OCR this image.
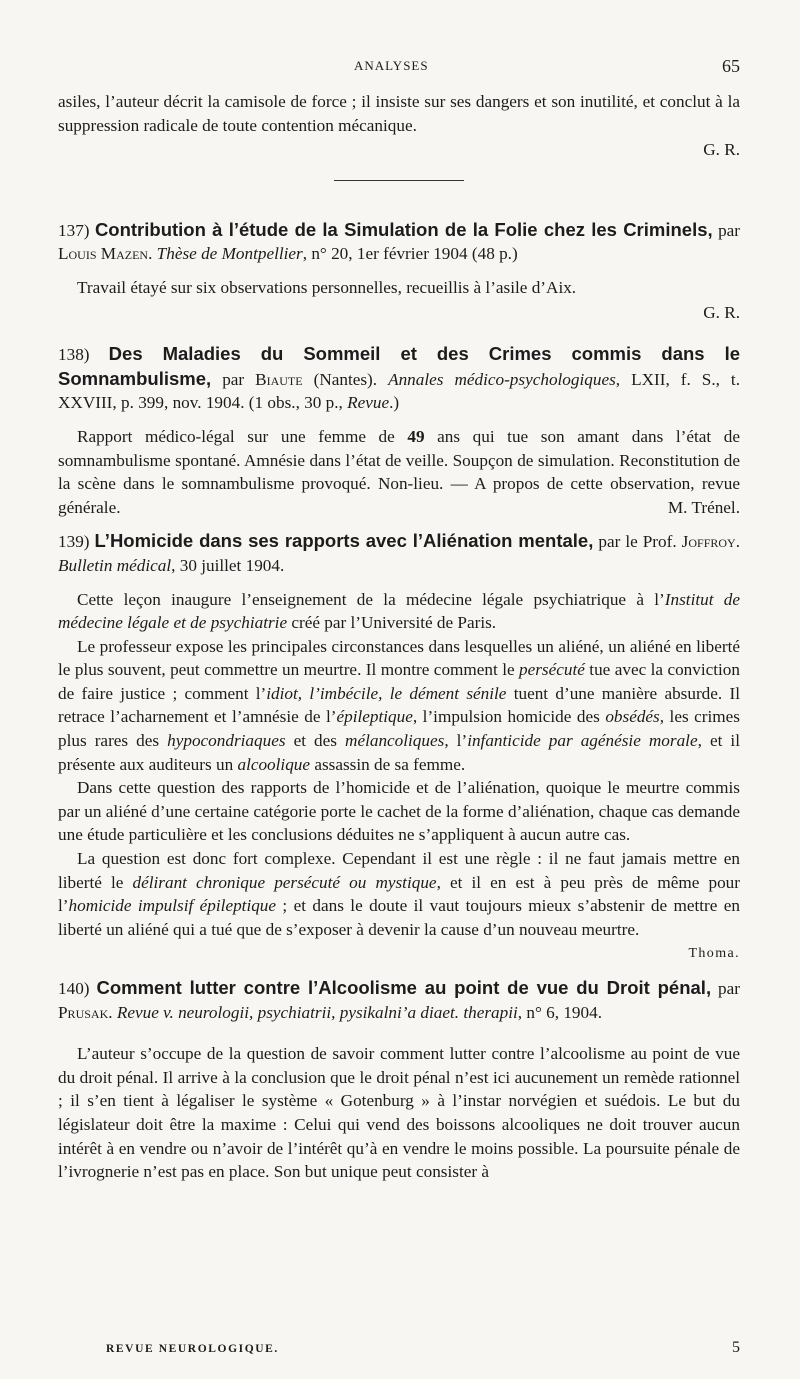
ANALYSES	65

asiles, l’auteur décrit la camisole de force ; il insiste sur ses dangers et son inutilité, et conclut à la suppression radicale de toute contention mécanique.

G. R.

137) Contribution à l’étude de la Simulation de la Folie chez les Criminels, par Louis Mazen. Thèse de Montpellier, n° 20, 1er février 1904 (48 p.)

Travail étayé sur six observations personnelles, recueillis à l’asile d’Aix.

G. R.

138) Des Maladies du Sommeil et des Crimes commis dans le Somnambulisme, par Biaute (Nantes). Annales médico-psychologiques, LXII, f. S., t. XXVIII, p. 399, nov. 1904. (1 obs., 30 p., Revue.)

Rapport médico-légal sur une femme de 49 ans qui tue son amant dans l’état de somnambulisme spontané. Amnésie dans l’état de veille. Soupçon de simulation. Reconstitution de la scène dans le somnambulisme provoqué. Non-lieu. — A propos de cette observation, revue générale.	M. Trénel.

139) L’Homicide dans ses rapports avec l’Aliénation mentale, par le Prof. Joffroy. Bulletin médical, 30 juillet 1904.

Cette leçon inaugure l’enseignement de la médecine légale psychiatrique à l’Institut de médecine légale et de psychiatrie créé par l’Université de Paris.

Le professeur expose les principales circonstances dans lesquelles un aliéné, un aliéné en liberté le plus souvent, peut commettre un meurtre. Il montre comment le persécuté tue avec la conviction de faire justice ; comment l’idiot, l’imbécile, le dément sénile tuent d’une manière absurde. Il retrace l’acharnement et l’amnésie de l’épileptique, l’impulsion homicide des obsédés, les crimes plus rares des hypocondriaques et des mélancoliques, l’infanticide par agénésie morale, et il présente aux auditeurs un alcoolique assassin de sa femme.

Dans cette question des rapports de l’homicide et de l’aliénation, quoique le meurtre commis par un aliéné d’une certaine catégorie porte le cachet de la forme d’aliénation, chaque cas demande une étude particulière et les conclusions déduites ne s’appliquent à aucun autre cas.

La question est donc fort complexe. Cependant il est une règle : il ne faut jamais mettre en liberté le délirant chronique persécuté ou mystique, et il en est à peu près de même pour l’homicide impulsif épileptique ; et dans le doute il vaut toujours mieux s’abstenir de mettre en liberté un aliéné qui a tué que de s’exposer à devenir la cause d’un nouveau meurtre.

Thoma.

140) Comment lutter contre l’Alcoolisme au point de vue du Droit pénal, par Prusak. Revue v. neurologii, psychiatrii, pysikalni’a diaet. therapii, n° 6, 1904.

L’auteur s’occupe de la question de savoir comment lutter contre l’alcoolisme au point de vue du droit pénal. Il arrive à la conclusion que le droit pénal n’est ici aucunement un remède rationnel ; il s’en tient à légaliser le système « Gotenburg » à l’instar norvégien et suédois. Le but du législateur doit être la maxime : Celui qui vend des boissons alcooliques ne doit trouver aucun intérêt à en vendre ou n’avoir de l’intérêt qu’à en vendre le moins possible. La poursuite pénale de l’ivrognerie n’est pas en place. Son but unique peut consister à

REVUE NEUROLOGIQUE.	5
